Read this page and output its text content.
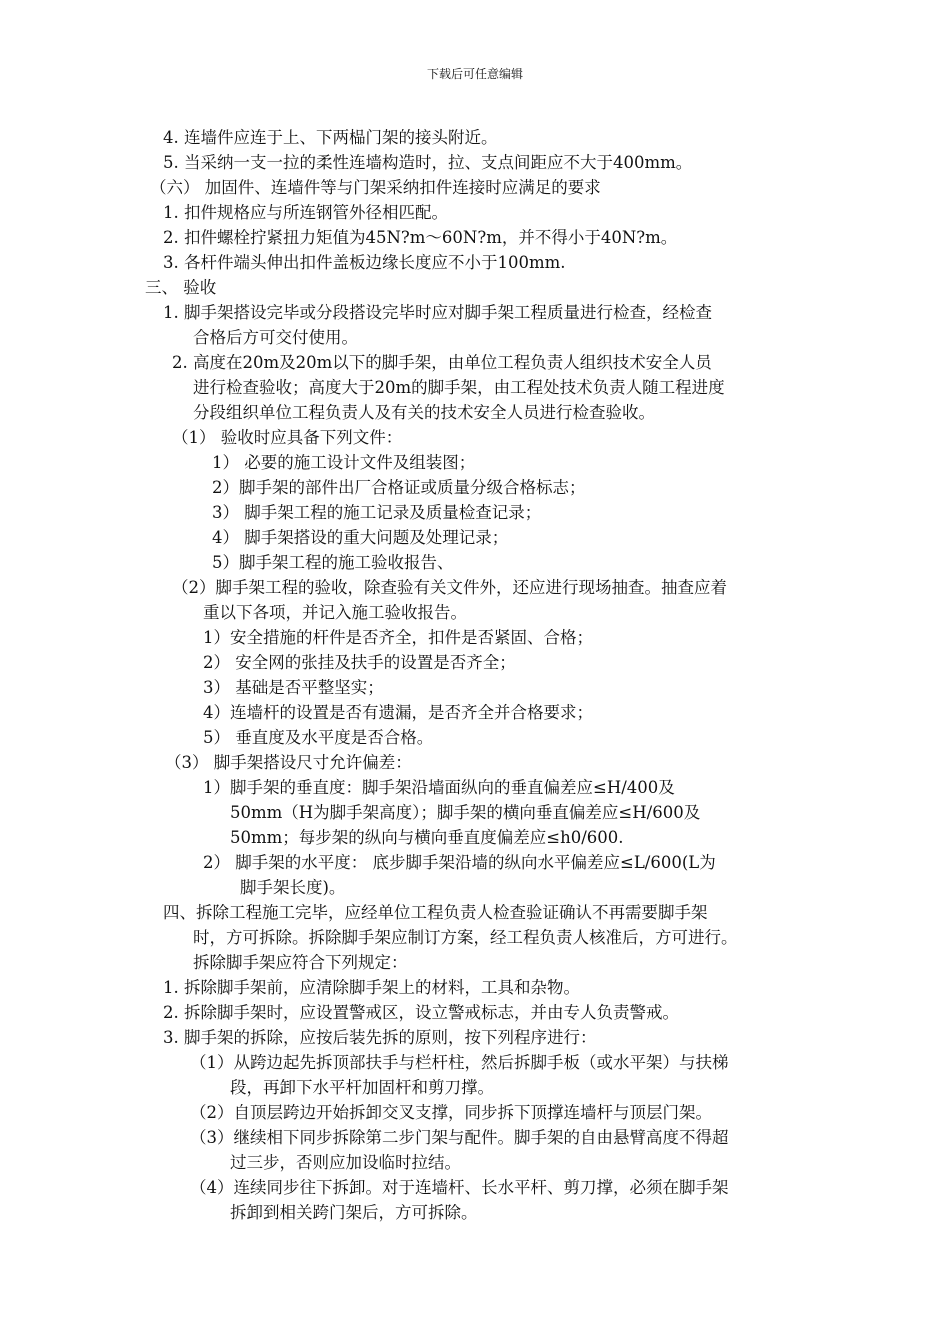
下载后可任意编辑
4. 连墙件应连于上、下两榀门架的接头附近。
5. 当采纳一支一拉的柔性连墙构造时，拉、支点间距应不大于400mm。
（六） 加固件、连墙件等与门架采纳扣件连接时应满足的要求
1. 扣件规格应与所连钢管外径相匹配。
2. 扣件螺栓拧紧扭力矩值为45N?m～60N?m，并不得小于40N?m。
3. 各杆件端头伸出扣件盖板边缘长度应不小于100mm.
三、 验收
1. 脚手架搭设完毕或分段搭设完毕时应对脚手架工程质量进行检查，经检查
合格后方可交付使用。
2. 高度在20m及20m以下的脚手架，由单位工程负责人组织技术安全人员
进行检查验收；高度大于20m的脚手架，由工程处技术负责人随工程进度
分段组织单位工程负责人及有关的技术安全人员进行检查验收。
（1） 验收时应具备下列文件：
1） 必要的施工设计文件及组装图；
2）脚手架的部件出厂合格证或质量分级合格标志；
3） 脚手架工程的施工记录及质量检查记录；
4） 脚手架搭设的重大问题及处理记录；
5）脚手架工程的施工验收报告、
（2）脚手架工程的验收，除查验有关文件外，还应进行现场抽查。抽查应着
重以下各项，并记入施工验收报告。
1）安全措施的杆件是否齐全，扣件是否紧固、合格；
2） 安全网的张挂及扶手的设置是否齐全；
3） 基础是否平整坚实；
4）连墙杆的设置是否有遗漏，是否齐全并合格要求；
5） 垂直度及水平度是否合格。
（3） 脚手架搭设尺寸允许偏差：
1）脚手架的垂直度：脚手架沿墙面纵向的垂直偏差应≤H/400及
50mm（H为脚手架高度）；脚手架的横向垂直偏差应≤H/600及
50mm；每步架的纵向与横向垂直度偏差应≤h0/600.
2） 脚手架的水平度： 底步脚手架沿墙的纵向水平偏差应≤L/600(L为
脚手架长度)。
四、拆除工程施工完毕，应经单位工程负责人检查验证确认不再需要脚手架
时，方可拆除。拆除脚手架应制订方案，经工程负责人核准后，方可进行。
拆除脚手架应符合下列规定：
1. 拆除脚手架前，应清除脚手架上的材料，工具和杂物。
2. 拆除脚手架时，应设置警戒区，设立警戒标志，并由专人负责警戒。
3. 脚手架的拆除，应按后装先拆的原则，按下列程序进行：
（1）从跨边起先拆顶部扶手与栏杆柱，然后拆脚手板（或水平架）与扶梯
段，再卸下水平杆加固杆和剪刀撑。
（2）自顶层跨边开始拆卸交叉支撑，同步拆下顶撑连墙杆与顶层门架。
（3）继续相下同步拆除第二步门架与配件。脚手架的自由悬臂高度不得超
过三步，否则应加设临时拉结。
（4）连续同步往下拆卸。对于连墙杆、长水平杆、剪刀撑，必须在脚手架
拆卸到相关跨门架后，方可拆除。
